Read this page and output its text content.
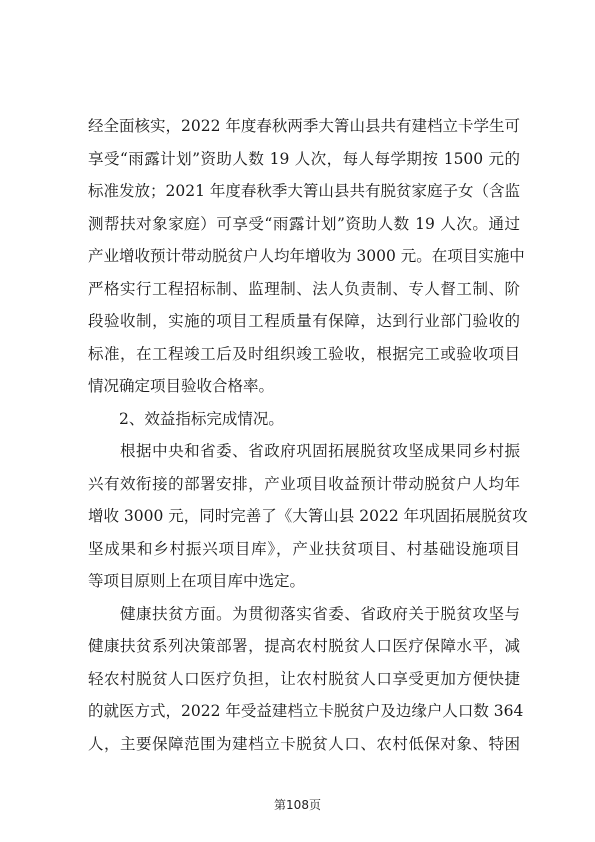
经全面核实，2022 年度春秋两季大箐山县共有建档立卡学生可
享受“雨露计划”资助人数 19 人次，每人每学期按 1500 元的
标准发放；2021 年度春秋季大箐山县共有脱贫家庭子女（含监
测帮扶对象家庭）可享受“雨露计划”资助人数 19 人次。通过
产业增收预计带动脱贫户人均年增收为 3000 元。在项目实施中
严格实行工程招标制、监理制、法人负责制、专人督工制、阶
段验收制，实施的项目工程质量有保障，达到行业部门验收的
标准，在工程竣工后及时组织竣工验收，根据完工或验收项目
情况确定项目验收合格率。
　　2、效益指标完成情况。
　　根据中央和省委、省政府巩固拓展脱贫攻坚成果同乡村振
兴有效衔接的部署安排，产业项目收益预计带动脱贫户人均年
增收 3000 元，同时完善了《大箐山县 2022 年巩固拓展脱贫攻
坚成果和乡村振兴项目库》，产业扶贫项目、村基础设施项目
等项目原则上在项目库中选定。
　　健康扶贫方面。为贯彻落实省委、省政府关于脱贫攻坚与
健康扶贫系列决策部署，提高农村脱贫人口医疗保障水平，减
轻农村脱贫人口医疗负担，让农村脱贫人口享受更加方便快捷
的就医方式，2022 年受益建档立卡脱贫户及边缘户人口数 364
人，主要保障范围为建档立卡脱贫人口、农村低保对象、特困
第108页
